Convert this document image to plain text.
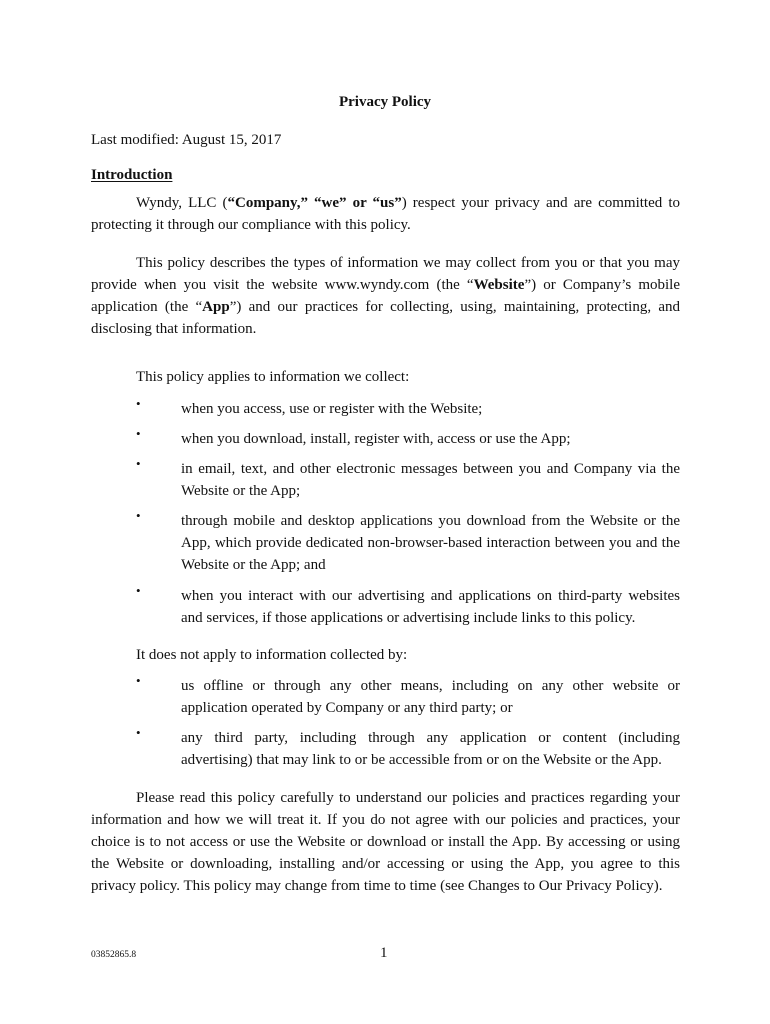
Privacy Policy
Last modified: August 15, 2017
Introduction

Wyndy, LLC (“Company,” “we” or “us”) respect your privacy and are committed to protecting it through our compliance with this policy.

This policy describes the types of information we may collect from you or that you may provide when you visit the website www.wyndy.com (the “Website”) or Company’s mobile application (the “App”) and our practices for collecting, using, maintaining, protecting, and disclosing that information.

This policy applies to information we collect:
•	when you access, use or register with the Website;
•	when you download, install, register with, access or use the App;
•	in email, text, and other electronic messages between you and Company via the Website or the App;
•	through mobile and desktop applications you download from the Website or the App, which provide dedicated non-browser-based interaction between you and the Website or the App; and
•	when you interact with our advertising and applications on third-party websites and services, if those applications or advertising include links to this policy.
It does not apply to information collected by:
•	us offline or through any other means, including on any other website or application operated by Company or any third party; or
•	any third party, including through any application or content (including advertising) that may link to or be accessible from or on the Website or the App.

Please read this policy carefully to understand our policies and practices regarding your information and how we will treat it. If you do not agree with our policies and practices, your choice is to not access or use the Website or download or install the App. By accessing or using the Website or downloading, installing and/or accessing or using the App, you agree to this privacy policy. This policy may change from time to time (see Changes to Our Privacy Policy).

03852865.8	1
